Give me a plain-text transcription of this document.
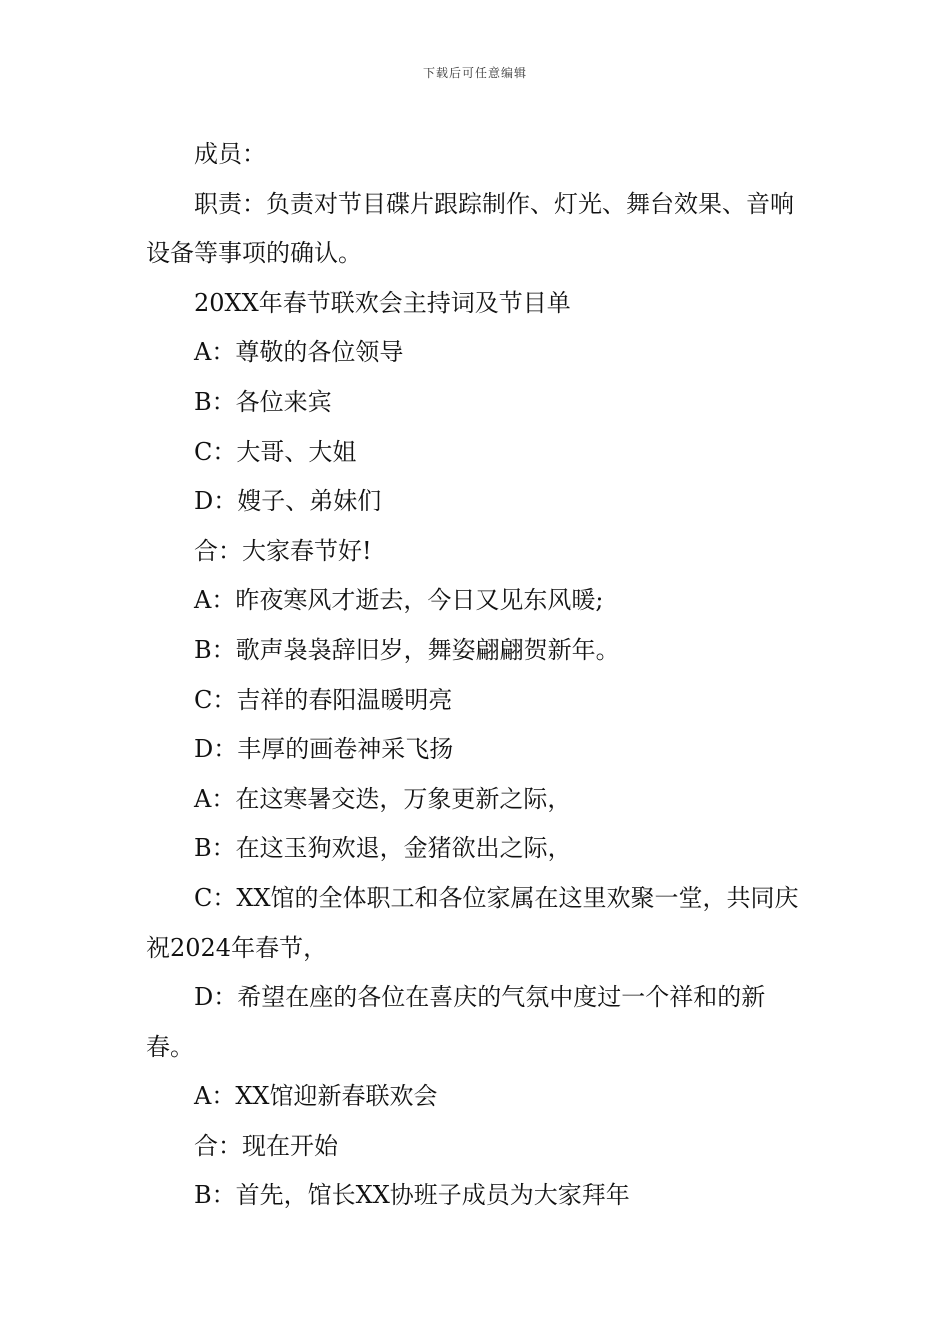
下载后可任意编辑

成员：

职责：负责对节目碟片跟踪制作、灯光、舞台效果、音响设备等事项的确认。

20XX年春节联欢会主持词及节目单

A：尊敬的各位领导

B：各位来宾

C：大哥、大姐

D：嫂子、弟妹们

合：大家春节好!

A：昨夜寒风才逝去，今日又见东风暖;

B：歌声袅袅辞旧岁，舞姿翩翩贺新年。

C：吉祥的春阳温暖明亮

D：丰厚的画卷神采飞扬

A：在这寒暑交迭，万象更新之际，

B：在这玉狗欢退，金猪欲出之际，

C：XX馆的全体职工和各位家属在这里欢聚一堂，共同庆祝2024年春节，

D：希望在座的各位在喜庆的气氛中度过一个祥和的新春。

A：XX馆迎新春联欢会

合：现在开始

B：首先，馆长XX协班子成员为大家拜年
